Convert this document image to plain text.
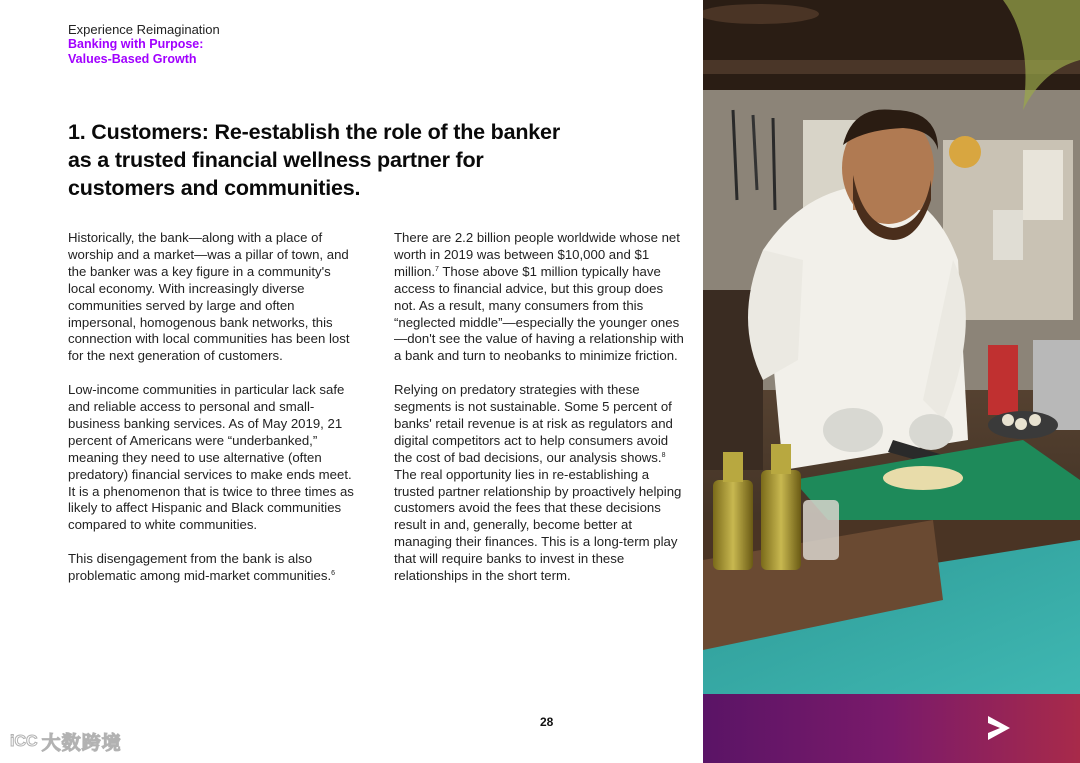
Experience Reimagination
Banking with Purpose:
Values-Based Growth
1. Customers: Re-establish the role of the banker as a trusted financial wellness partner for customers and communities.

Historically, the bank—along with a place of worship and a market—was a pillar of town, and the banker was a key figure in a community's local economy. With increasingly diverse communities served by large and often impersonal, homogenous bank networks, this connection with local communities has been lost for the next generation of customers.

Low-income communities in particular lack safe and reliable access to personal and small-business banking services. As of May 2019, 21 percent of Americans were “underbanked,” meaning they need to use alternative (often predatory) financial services to make ends meet. It is a phenomenon that is twice to three times as likely to affect Hispanic and Black communities compared to white communities.

This disengagement from the bank is also problematic among mid-market communities.$^6$

There are 2.2 billion people worldwide whose net worth in 2019 was between $10,000 and $1 million.$^7$ Those above $1 million typically have access to financial advice, but this group does not. As a result, many consumers from this “neglected middle”—especially the younger ones—don't see the value of having a relationship with a bank and turn to neobanks to minimize friction.

Relying on predatory strategies with these segments is not sustainable. Some 5 percent of banks' retail revenue is at risk as regulators and digital competitors act to help consumers avoid the cost of bad decisions, our analysis shows.$^8$ The real opportunity lies in re-establishing a trusted partner relationship by proactively helping customers avoid the fees that these decisions result in and, generally, become better at managing their finances. This is a long-term play that will require banks to invest in these relationships in the short term.

28
iCC 大数跨境
